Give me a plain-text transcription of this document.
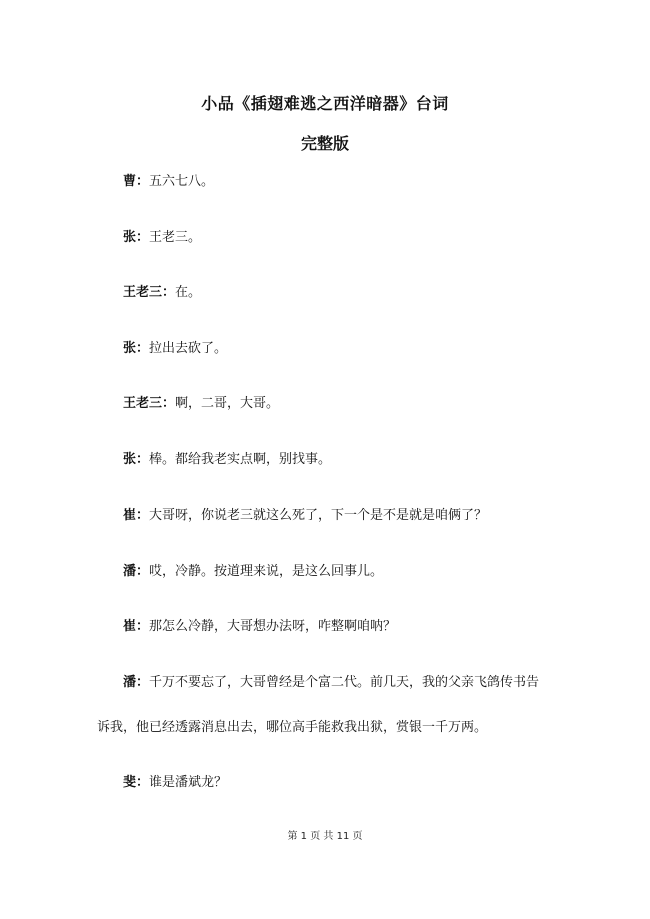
小品《插翅难逃之西洋暗器》台词
完整版
曹：五六七八。
张：王老三。
王老三：在。
张：拉出去砍了。
王老三：啊，二哥，大哥。
张：棒。都给我老实点啊，别找事。
崔：大哥呀，你说老三就这么死了，下一个是不是就是咱俩了？
潘：哎，冷静。按道理来说，是这么回事儿。
崔：那怎么冷静，大哥想办法呀，咋整啊咱呐？
潘：千万不要忘了，大哥曾经是个富二代。前几天，我的父亲飞鸽传书告
诉我，他已经透露消息出去，哪位高手能救我出狱，赏银一千万两。
斐：谁是潘斌龙？
第 1 页 共 11 页
